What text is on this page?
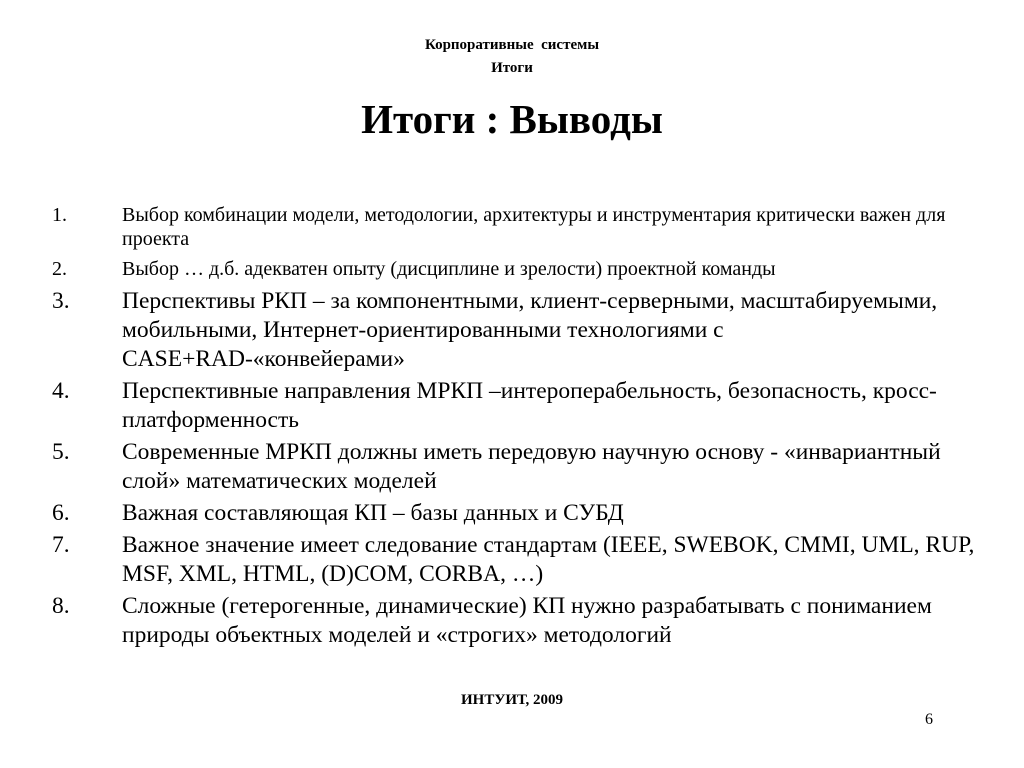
Корпоративные  системы
Итоги
Итоги : Выводы
1.	Выбор комбинации модели, методологии, архитектуры и инструментария критически важен для проекта
2.	Выбор … д.б. адекватен опыту (дисциплине и зрелости) проектной команды
3.	Перспективы РКП – за компонентными, клиент-серверными, масштабируемыми, мобильными, Интернет-ориентированными технологиями с CASE+RAD-«конвейерами»
4.	Перспективные направления МРКП –интероперабельность, безопасность, кросс-платформенность
5.	Современные МРКП должны иметь передовую научную основу - «инвариантный слой» математических моделей
6.	Важная составляющая КП – базы данных и СУБД
7.	Важное значение имеет следование стандартам (IEEE, SWEBOK, CMMI, UML, RUP, MSF, XML, HTML, (D)COM, CORBA, …)
8.	Сложные (гетерогенные, динамические) КП нужно разрабатывать с пониманием природы объектных моделей и «строгих» методологий
ИНТУИТ, 2009
6
